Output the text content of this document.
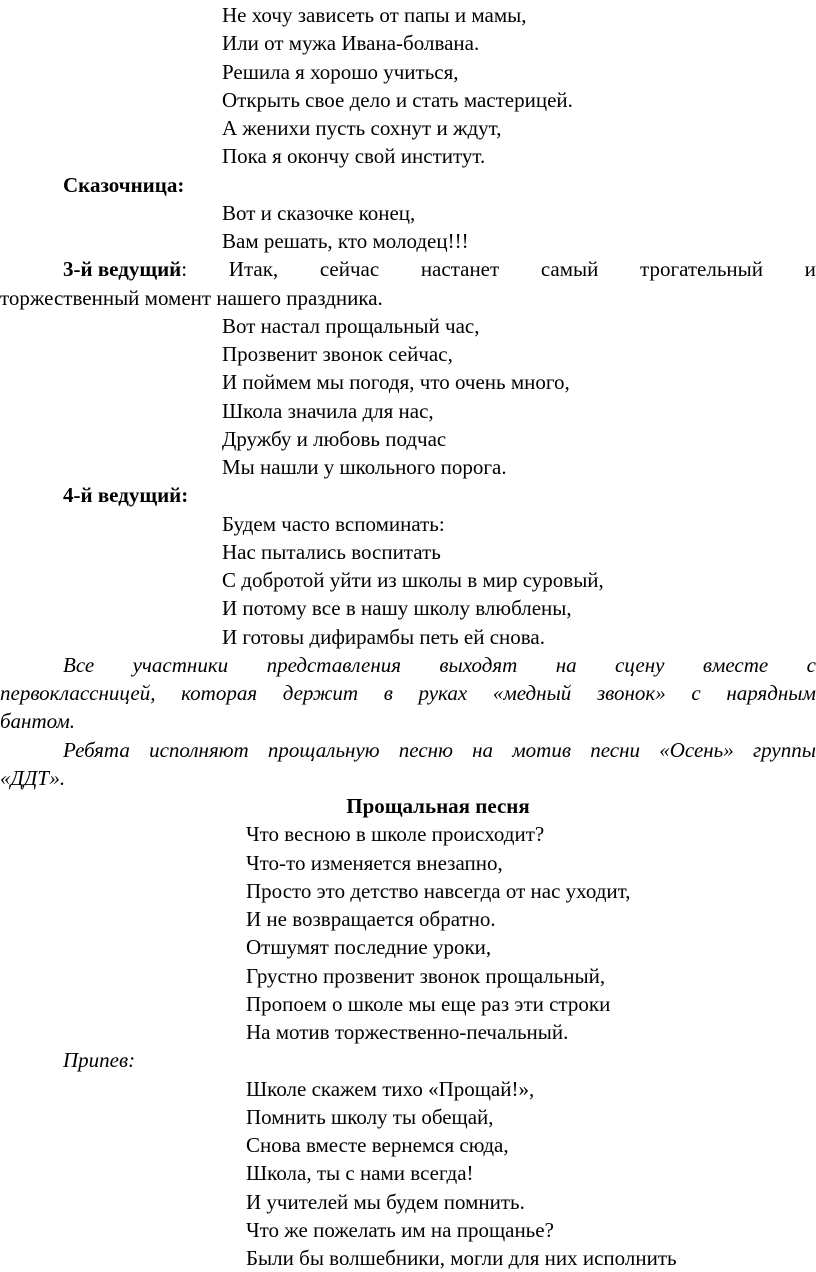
Не хочу зависеть от папы и мамы,
Или от мужа Ивана-болвана.
Решила я хорошо учиться,
Открыть свое дело и стать мастерицей.
А женихи пусть сохнут и ждут,
Пока я окончу свой институт.
Сказочница:
Вот и сказочке конец,
Вам решать, кто молодец!!!
3-й ведущий: Итак, сейчас настанет самый трогательный и
торжественный момент нашего праздника.
Вот настал прощальный час,
Прозвенит звонок сейчас,
И поймем мы погодя, что очень много,
Школа значила для нас,
Дружбу и любовь подчас
Мы нашли у школьного порога.
4-й ведущий:
Будем часто вспоминать:
Нас пытались воспитать
С добротой уйти из школы в мир суровый,
И потому все в нашу школу влюблены,
И готовы дифирамбы петь ей снова.
Все участники представления выходят на сцену вместе с
первоклассницей, которая держит в руках «медный звонок» с нарядным
бантом.
Ребята исполняют прощальную песню на мотив песни «Осень» группы
«ДДТ».
Прощальная песня
Что весною в школе происходит?
Что-то изменяется внезапно,
Просто это детство навсегда от нас уходит,
И не возвращается обратно.
Отшумят последние уроки,
Грустно прозвенит звонок прощальный,
Пропоем о школе мы еще раз эти строки
На мотив торжественно-печальный.
Припев:
Школе скажем тихо «Прощай!»,
Помнить школу ты обещай,
Снова вместе вернемся сюда,
Школа, ты с нами всегда!
И учителей мы будем помнить.
Что же пожелать им на прощанье?
Были бы волшебники, могли для них исполнить
